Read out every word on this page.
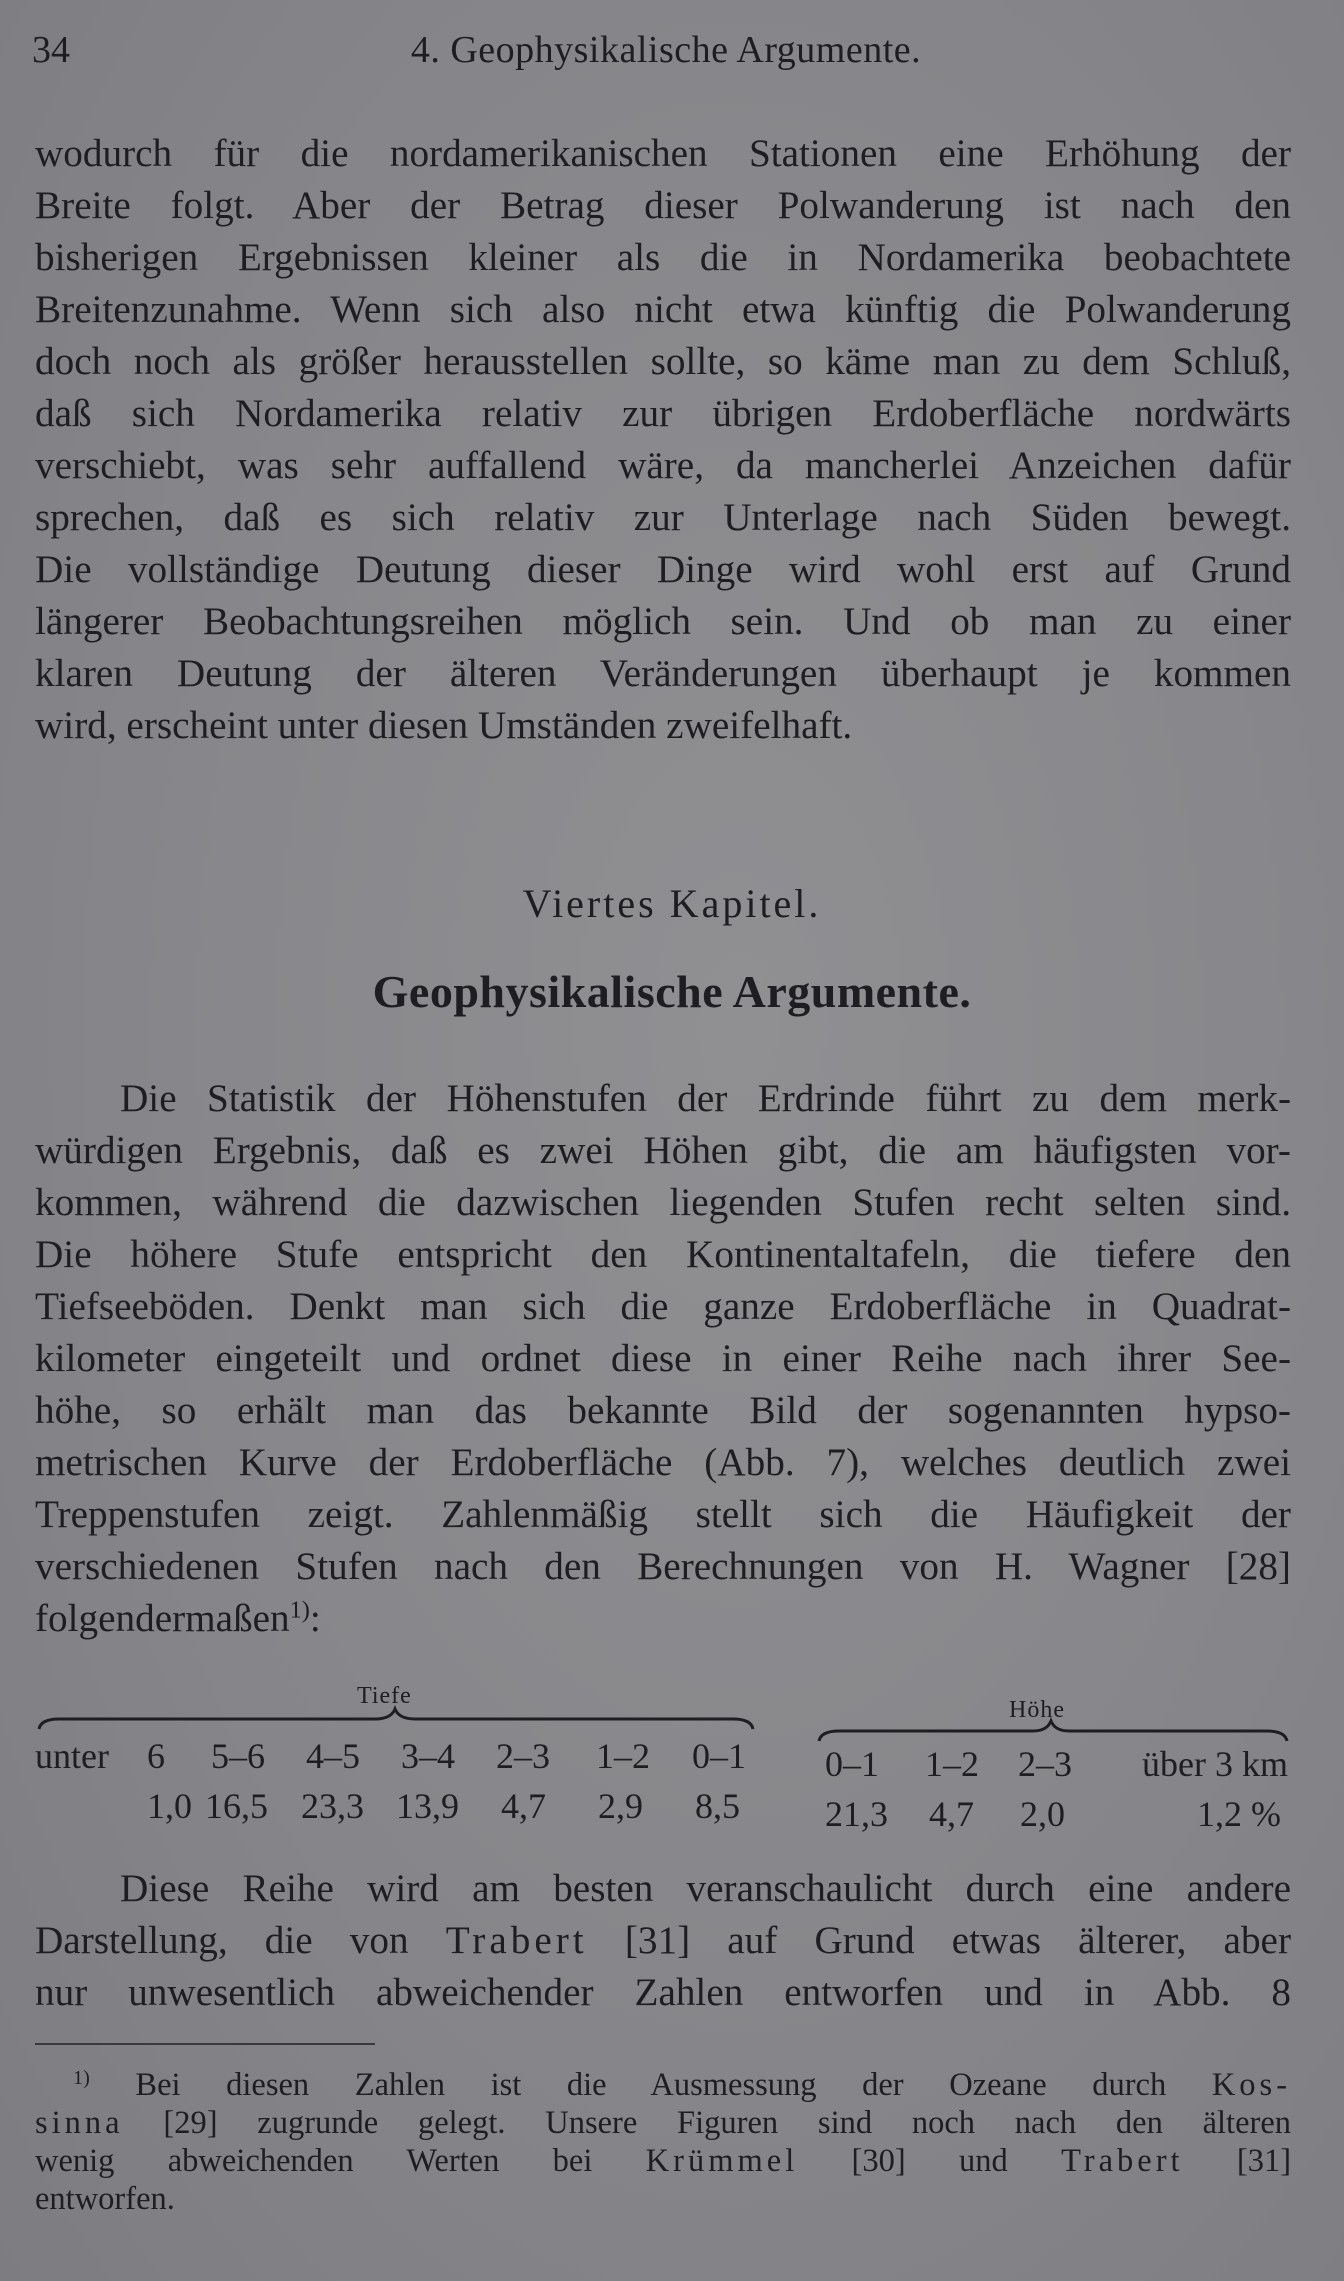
34	4. Geophysikalische Argumente.
wodurch für die nordamerikanischen Stationen eine Erhöhung der
Breite folgt. Aber der Betrag dieser Polwanderung ist nach den
bisherigen Ergebnissen kleiner als die in Nordamerika beobachtete
Breitenzunahme. Wenn sich also nicht etwa künftig die Polwanderung
doch noch als größer herausstellen sollte, so käme man zu dem Schluß,
daß sich Nordamerika relativ zur übrigen Erdoberfläche nordwärts
verschiebt, was sehr auffallend wäre, da mancherlei Anzeichen dafür
sprechen, daß es sich relativ zur Unterlage nach Süden bewegt.
Die vollständige Deutung dieser Dinge wird wohl erst auf Grund
längerer Beobachtungsreihen möglich sein. Und ob man zu einer
klaren Deutung der älteren Veränderungen überhaupt je kommen
wird, erscheint unter diesen Umständen zweifelhaft.
Viertes Kapitel.
Geophysikalische Argumente.
Die Statistik der Höhenstufen der Erdrinde führt zu dem merk-
würdigen Ergebnis, daß es zwei Höhen gibt, die am häufigsten vor-
kommen, während die dazwischen liegenden Stufen recht selten sind.
Die höhere Stufe entspricht den Kontinentaltafeln, die tiefere den
Tiefseeböden. Denkt man sich die ganze Erdoberfläche in Quadrat-
kilometer eingeteilt und ordnet diese in einer Reihe nach ihrer See-
höhe, so erhält man das bekannte Bild der sogenannten hypso-
metrischen Kurve der Erdoberfläche (Abb. 7), welches deutlich zwei
Treppenstufen zeigt. Zahlenmäßig stellt sich die Häufigkeit der
verschiedenen Stufen nach den Berechnungen von H. Wagner [28]
folgendermaßen$^{1)}$:
Tiefe
Höhe
unter 6 5–6 4–5 3–4 2–3 1–2 0–1
1,0 16,5 23,3 13,9 4,7 2,9 8,5
0–1 1–2 2–3 über 3 km
21,3 4,7 2,0	1,2 %
Diese Reihe wird am besten veranschaulicht durch eine andere
Darstellung, die von Trabert [31] auf Grund etwas älterer, aber
nur unwesentlich abweichender Zahlen entworfen und in Abb. 8
$^{1)}$ Bei diesen Zahlen ist die Ausmessung der Ozeane durch Kos-
sinna [29] zugrunde gelegt. Unsere Figuren sind noch nach den älteren
wenig abweichenden Werten bei Krümmel [30] und Trabert [31]
entworfen.
